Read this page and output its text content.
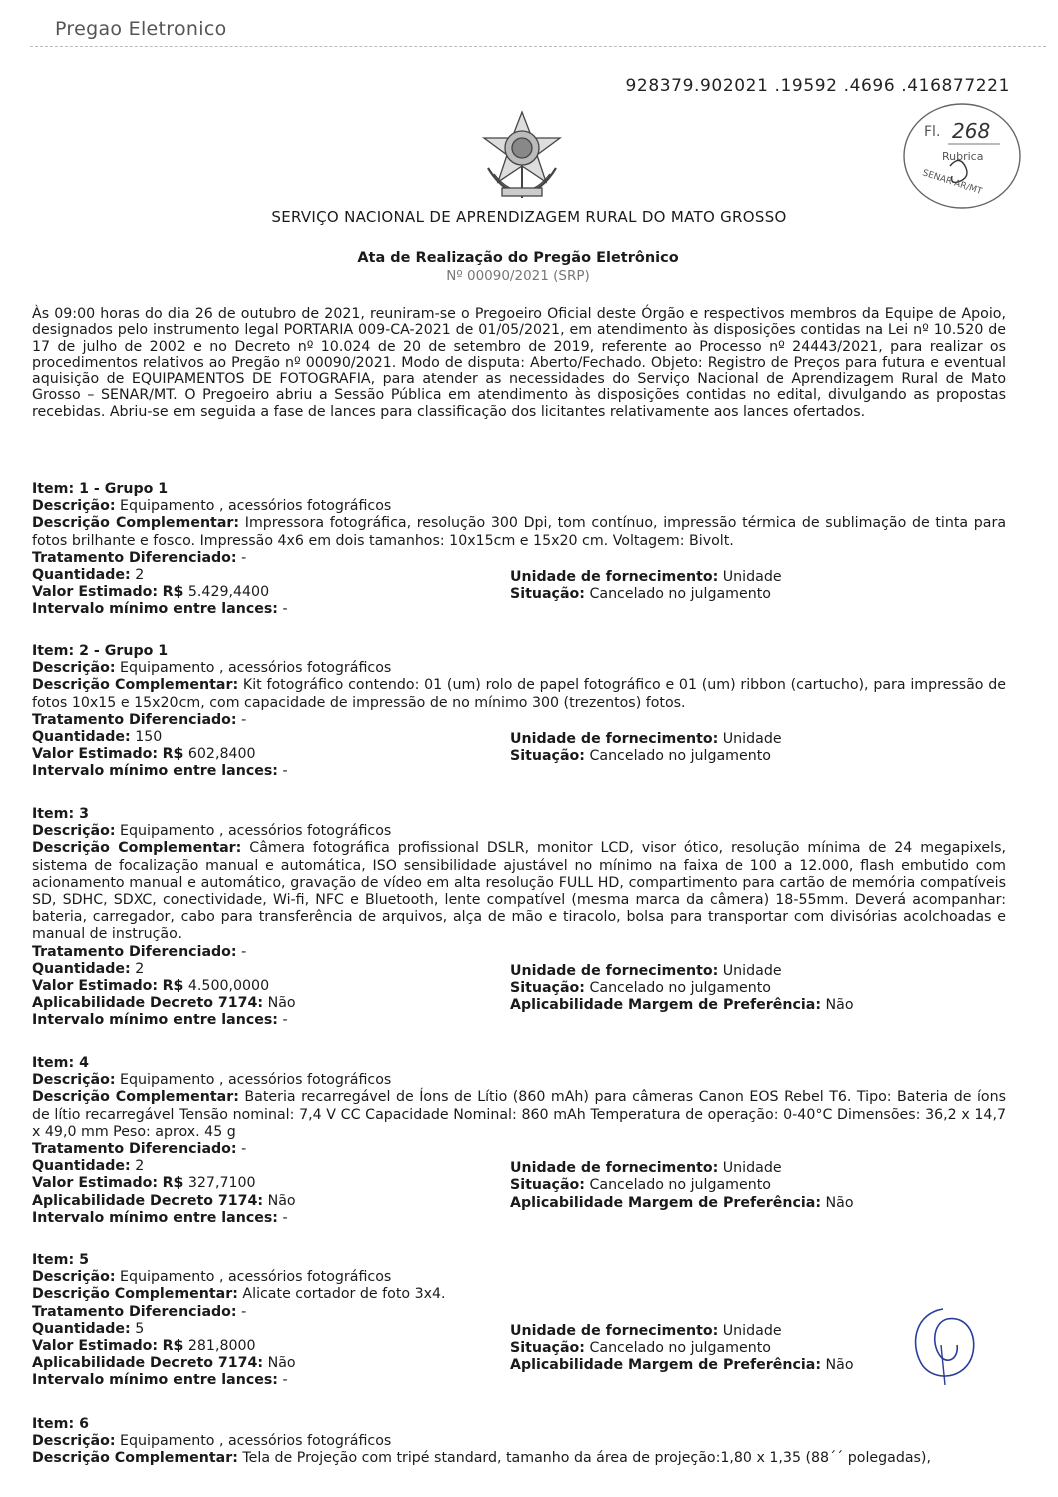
Pregao Eletronico
928379.902021 .19592 .4696 .416877221
Fl. 268
Rubrica
SENAR-AR/MT
SERVIÇO NACIONAL DE APRENDIZAGEM RURAL DO MATO GROSSO
Ata de Realização do Pregão Eletrônico
Nº 00090/2021 (SRP)
Às 09:00 horas do dia 26 de outubro de 2021, reuniram-se o Pregoeiro Oficial deste Órgão e respectivos membros da Equipe de Apoio, designados pelo instrumento legal PORTARIA 009-CA-2021 de 01/05/2021, em atendimento às disposições contidas na Lei nº 10.520 de 17 de julho de 2002 e no Decreto nº 10.024 de 20 de setembro de 2019, referente ao Processo nº 24443/2021, para realizar os procedimentos relativos ao Pregão nº 00090/2021. Modo de disputa: Aberto/Fechado. Objeto: Registro de Preços para futura e eventual aquisição de EQUIPAMENTOS DE FOTOGRAFIA, para atender as necessidades do Serviço Nacional de Aprendizagem Rural de Mato Grosso – SENAR/MT. O Pregoeiro abriu a Sessão Pública em atendimento às disposições contidas no edital, divulgando as propostas recebidas. Abriu-se em seguida a fase de lances para classificação dos licitantes relativamente aos lances ofertados.
Item: 1 - Grupo 1
Descrição: Equipamento , acessórios fotográficos
Descrição Complementar: Impressora fotográfica, resolução 300 Dpi, tom contínuo, impressão térmica de sublimação de tinta para fotos brilhante e fosco. Impressão 4x6 em dois tamanhos: 10x15cm e 15x20 cm. Voltagem: Bivolt.
Tratamento Diferenciado: -
Quantidade: 2	Unidade de fornecimento: Unidade
Valor Estimado: R$ 5.429,4400	Situação: Cancelado no julgamento
Intervalo mínimo entre lances: -
Item: 2 - Grupo 1
Descrição: Equipamento , acessórios fotográficos
Descrição Complementar: Kit fotográfico contendo: 01 (um) rolo de papel fotográfico e 01 (um) ribbon (cartucho), para impressão de fotos 10x15 e 15x20cm, com capacidade de impressão de no mínimo 300 (trezentos) fotos.
Tratamento Diferenciado: -
Quantidade: 150	Unidade de fornecimento: Unidade
Valor Estimado: R$ 602,8400	Situação: Cancelado no julgamento
Intervalo mínimo entre lances: -
Item: 3
Descrição: Equipamento , acessórios fotográficos
Descrição Complementar: Câmera fotográfica profissional DSLR, monitor LCD, visor ótico, resolução mínima de 24 megapixels, sistema de focalização manual e automática, ISO sensibilidade ajustável no mínimo na faixa de 100 a 12.000, flash embutido com acionamento manual e automático, gravação de vídeo em alta resolução FULL HD, compartimento para cartão de memória compatíveis SD, SDHC, SDXC, conectividade, Wi-fi, NFC e Bluetooth, lente compatível (mesma marca da câmera) 18-55mm. Deverá acompanhar: bateria, carregador, cabo para transferência de arquivos, alça de mão e tiracolo, bolsa para transportar com divisórias acolchoadas e manual de instrução.
Tratamento Diferenciado: -
Quantidade: 2	Unidade de fornecimento: Unidade
Valor Estimado: R$ 4.500,0000	Situação: Cancelado no julgamento
Aplicabilidade Decreto 7174: Não	Aplicabilidade Margem de Preferência: Não
Intervalo mínimo entre lances: -
Item: 4
Descrição: Equipamento , acessórios fotográficos
Descrição Complementar: Bateria recarregável de Íons de Lítio (860 mAh) para câmeras Canon EOS Rebel T6. Tipo: Bateria de íons de lítio recarregável Tensão nominal: 7,4 V CC Capacidade Nominal: 860 mAh Temperatura de operação: 0-40°C Dimensões: 36,2 x 14,7 x 49,0 mm Peso: aprox. 45 g
Tratamento Diferenciado: -
Quantidade: 2	Unidade de fornecimento: Unidade
Valor Estimado: R$ 327,7100	Situação: Cancelado no julgamento
Aplicabilidade Decreto 7174: Não	Aplicabilidade Margem de Preferência: Não
Intervalo mínimo entre lances: -
Item: 5
Descrição: Equipamento , acessórios fotográficos
Descrição Complementar: Alicate cortador de foto 3x4.
Tratamento Diferenciado: -
Quantidade: 5	Unidade de fornecimento: Unidade
Valor Estimado: R$ 281,8000	Situação: Cancelado no julgamento
Aplicabilidade Decreto 7174: Não	Aplicabilidade Margem de Preferência: Não
Intervalo mínimo entre lances: -
Item: 6
Descrição: Equipamento , acessórios fotográficos
Descrição Complementar: Tela de Projeção com tripé standard, tamanho da área de projeção:1,80 x 1,35 (88´´ polegadas),
